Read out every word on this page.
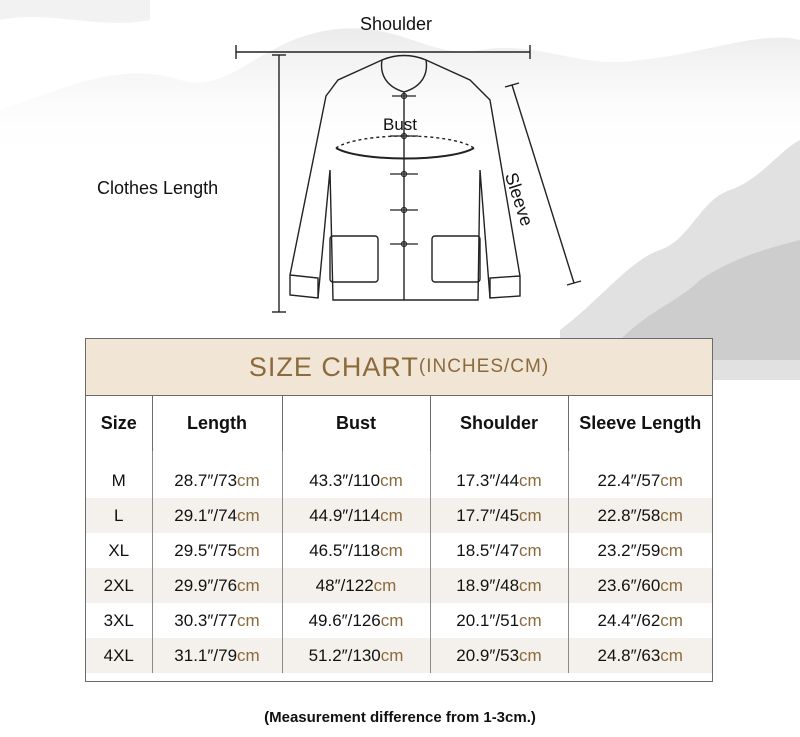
Shoulder
Bust
Clothes Length	Sleeve
SIZE CHART (INCHES/CM)
Size	Length	Bust	Shoulder	Sleeve Length

M	28.7″/73cm	43.3″/110cm	17.3″/44cm	22.4″/57cm
L	29.1″/74cm	44.9″/114cm	17.7″/45cm	22.8″/58cm
XL	29.5″/75cm	46.5″/118cm	18.5″/47cm	23.2″/59cm
2XL	29.9″/76cm	48″/122cm	18.9″/48cm	23.6″/60cm
3XL	30.3″/77cm	49.6″/126cm	20.1″/51cm	24.4″/62cm
4XL	31.1″/79cm	51.2″/130cm	20.9″/53cm	24.8″/63cm
(Measurement difference from 1-3cm.)
